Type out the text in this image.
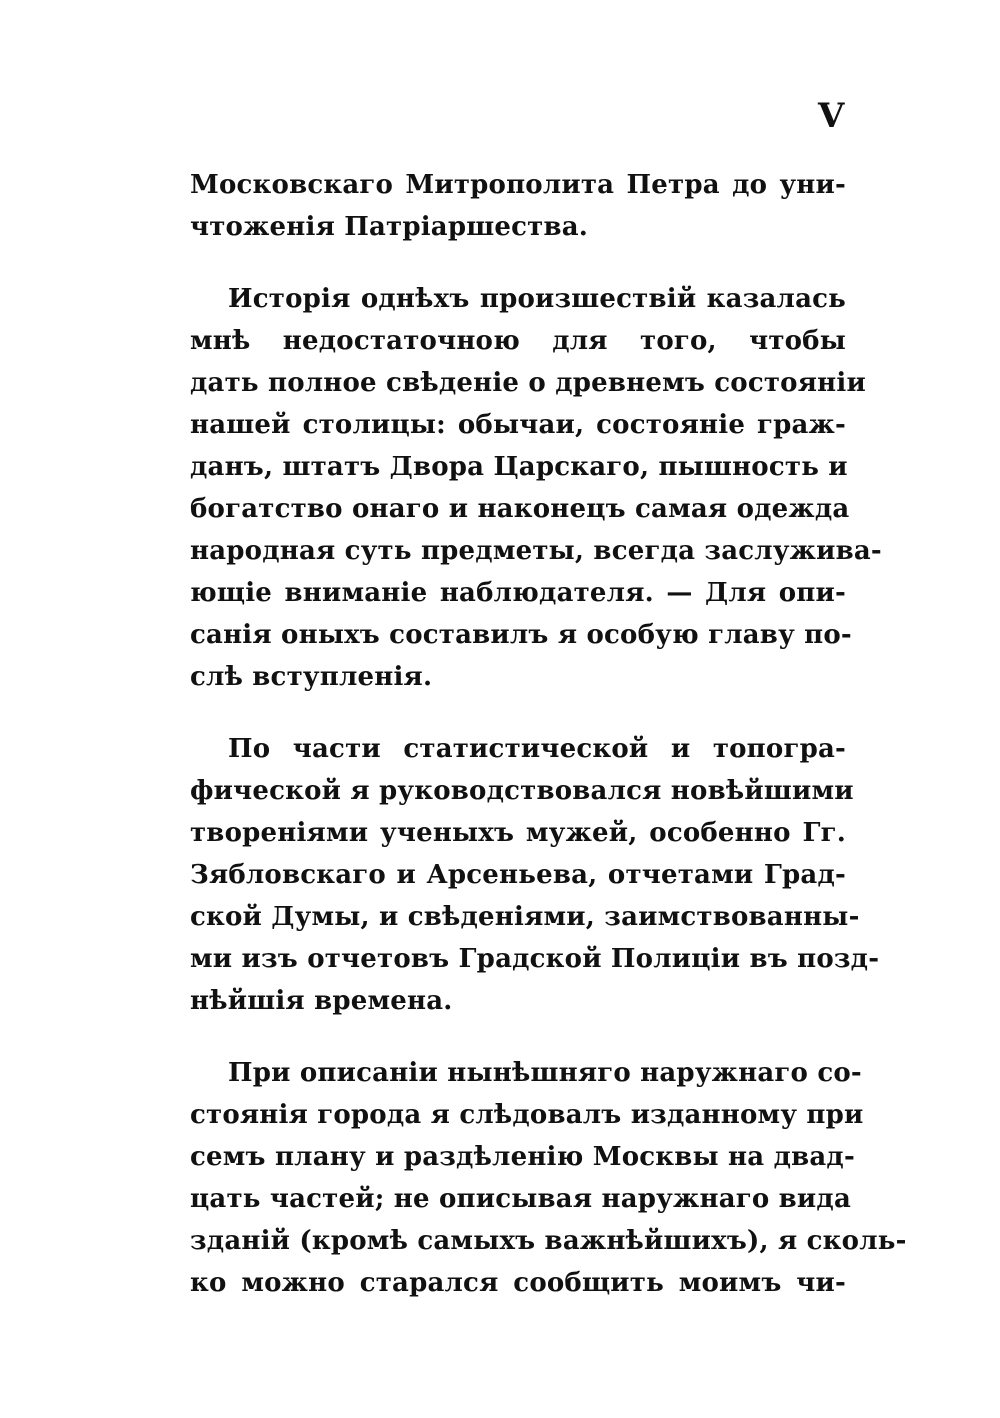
V
Московскаго Митрополита Петра до уни-
чтоженія Патріаршества.
Исторія однѣхъ произшествій казалась
мнѣ недостаточною для того, чтобы
дать полное свѣденіе о древнемъ состояніи
нашей столицы: обычаи, состояніе граж-
данъ, штатъ Двора Царскаго, пышность и
богатство онаго и наконецъ самая одежда
народная суть предметы, всегда заслужива-
ющіе вниманіе наблюдателя. — Для опи-
санія оныхъ составилъ я особую главу по-
слѣ вступленія.
По части статистической и топогра-
фической я руководствовался новѣйшими
твореніями ученыхъ мужей, особенно Гг.
Зябловскаго и Арсеньева, отчетами Град-
ской Думы, и свѣденіями, заимствованны-
ми изъ отчетовъ Градской Полиціи въ позд-
нѣйшія времена.
При описаніи нынѣшняго наружнаго со-
стоянія города я слѣдовалъ изданному при
семъ плану и раздѣленію Москвы на двад-
цать частей; не описывая наружнаго вида
зданій (кромѣ самыхъ важнѣйшихъ), я сколь-
ко можно старался сообщить моимъ чи-
